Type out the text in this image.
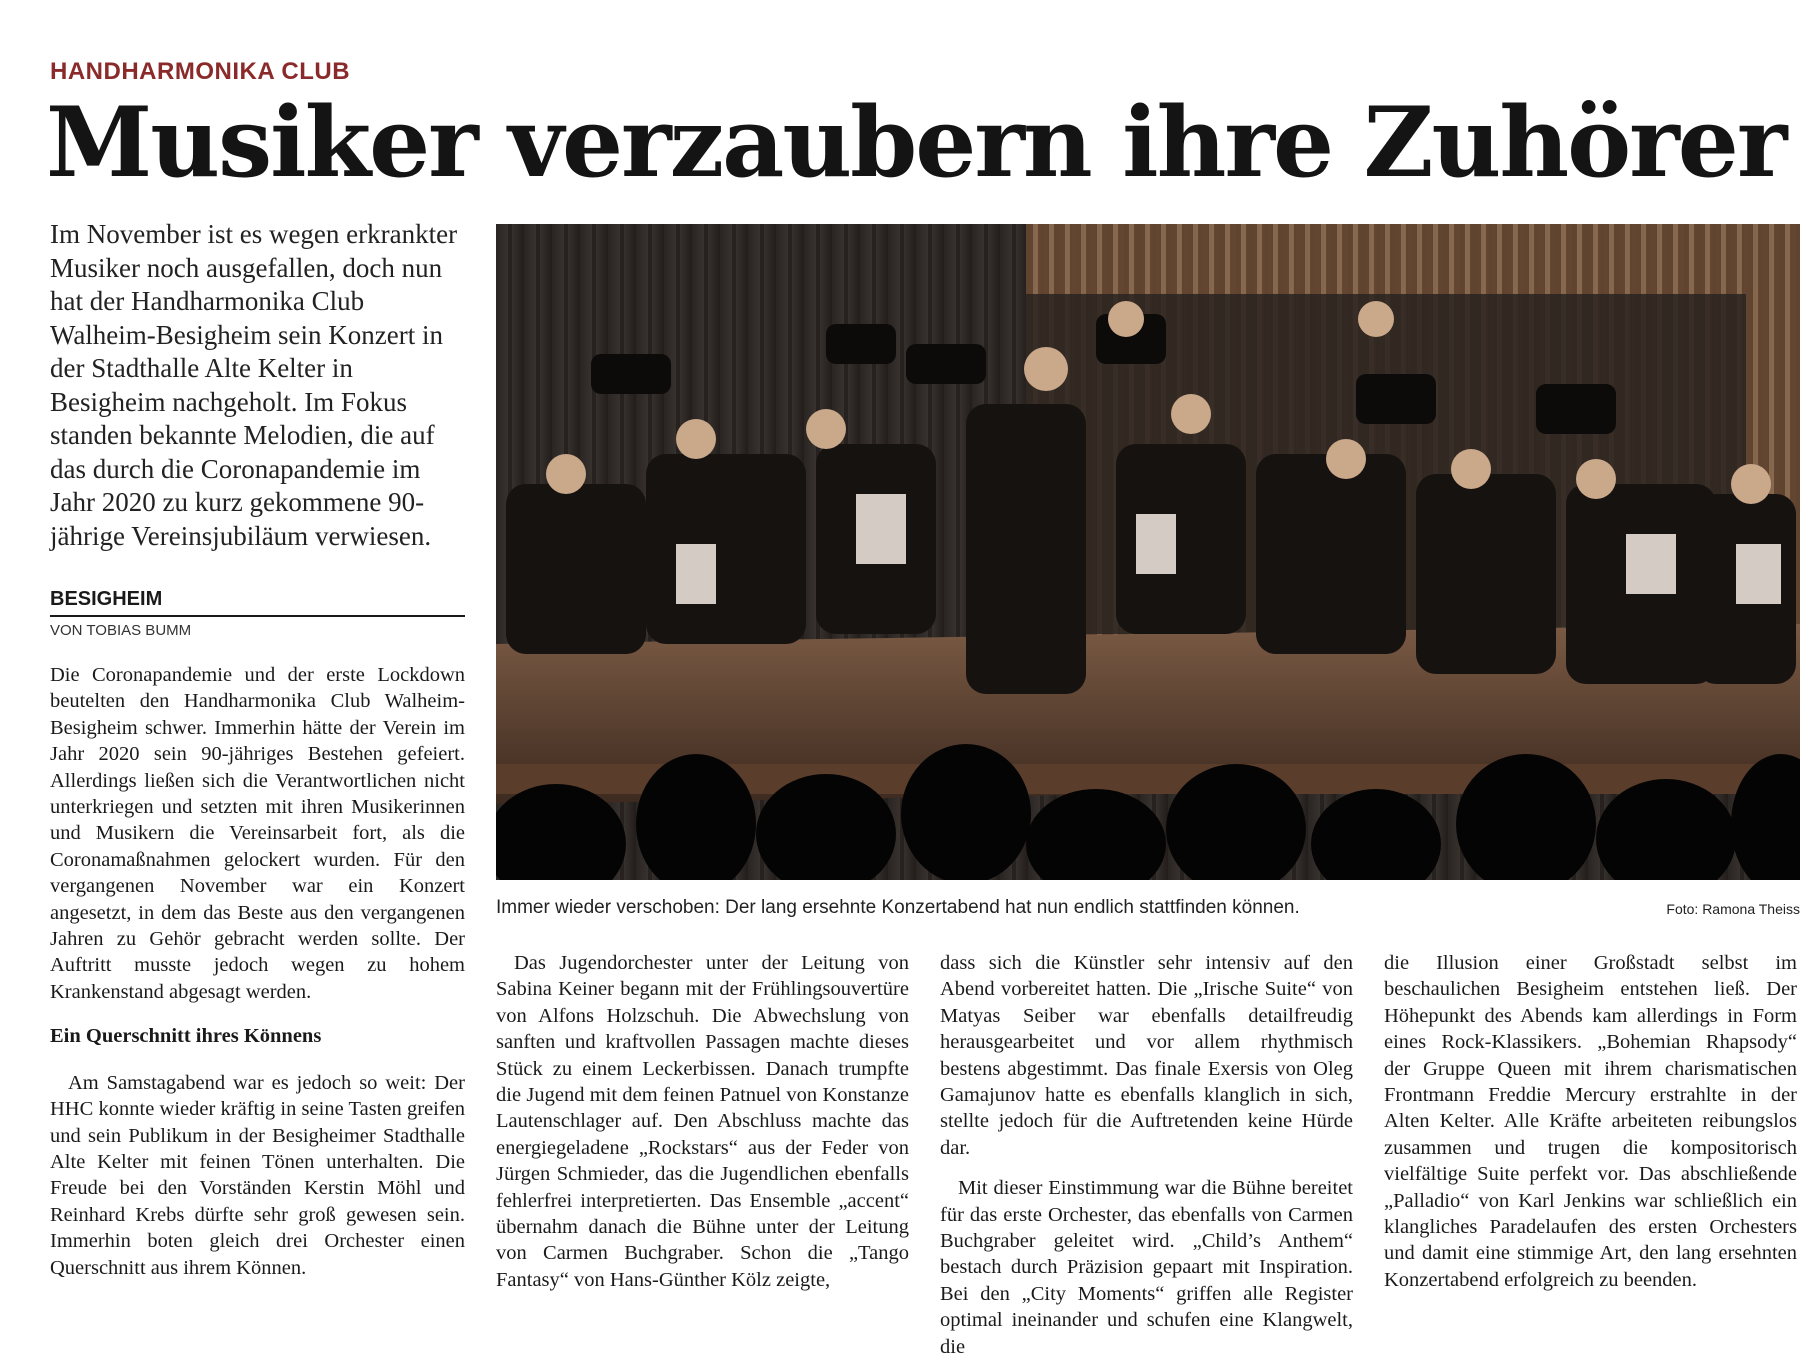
HANDHARMONIKA CLUB
Musiker verzaubern ihre Zuhörer

Im November ist es wegen erkrankter Musiker noch ausgefallen, doch nun hat der Handharmonika Club Walheim-Besigheim sein Konzert in der Stadthalle Alte Kelter in Besigheim nachgeholt. Im Fokus standen bekannte Melodien, die auf das durch die Coronapandemie im Jahr 2020 zu kurz gekommene 90-jährige Vereinsjubiläum verwiesen.

BESIGHEIM
VON TOBIAS BUMM

Die Coronapandemie und der erste Lockdown beutelten den Handharmonika Club Walheim-Besigheim schwer. Immerhin hätte der Verein im Jahr 2020 sein 90-jähriges Bestehen gefeiert. Allerdings ließen sich die Verantwortlichen nicht unterkriegen und setzten mit ihren Musikerinnen und Musikern die Vereinsarbeit fort, als die Coronamaßnahmen gelockert wurden. Für den vergangenen November war ein Konzert angesetzt, in dem das Beste aus den vergangenen Jahren zu Gehör gebracht werden sollte. Der Auftritt musste jedoch wegen zu hohem Krankenstand abgesagt werden.

Ein Querschnitt ihres Könnens

Am Samstagabend war es jedoch so weit: Der HHC konnte wieder kräftig in seine Tasten greifen und sein Publikum in der Besigheimer Stadthalle Alte Kelter mit feinen Tönen unterhalten. Die Freude bei den Vorständen Kerstin Möhl und Reinhard Krebs dürfte sehr groß gewesen sein. Immerhin boten gleich drei Orchester einen Querschnitt aus ihrem Können.

Immer wieder verschoben: Der lang ersehnte Konzertabend hat nun endlich stattfinden können.	Foto: Ramona Theiss

Das Jugendorchester unter der Leitung von Sabina Keiner begann mit der Frühlingsouvertüre von Alfons Holzschuh. Die Abwechslung von sanften und kraftvollen Passagen machte dieses Stück zu einem Leckerbissen. Danach trumpfte die Jugend mit dem feinen Patnuel von Konstanze Lautenschlager auf. Den Abschluss machte das energiegeladene „Rockstars“ aus der Feder von Jürgen Schmieder, das die Jugendlichen ebenfalls fehlerfrei interpretierten. Das Ensemble „accent“ übernahm danach die Bühne unter der Leitung von Carmen Buchgraber. Schon die „Tango Fantasy“ von Hans-Günther Kölz zeigte,

dass sich die Künstler sehr intensiv auf den Abend vorbereitet hatten. Die „Irische Suite“ von Matyas Seiber war ebenfalls detailfreudig herausgearbeitet und vor allem rhythmisch bestens abgestimmt. Das finale Exersis von Oleg Gamajunov hatte es ebenfalls klanglich in sich, stellte jedoch für die Auftretenden keine Hürde dar.

Mit dieser Einstimmung war die Bühne bereitet für das erste Orchester, das ebenfalls von Carmen Buchgraber geleitet wird. „Child’s Anthem“ bestach durch Präzision gepaart mit Inspiration. Bei den „City Moments“ griffen alle Register optimal ineinander und schufen eine Klangwelt, die

die Illusion einer Großstadt selbst im beschaulichen Besigheim entstehen ließ. Der Höhepunkt des Abends kam allerdings in Form eines Rock-Klassikers. „Bohemian Rhapsody“ der Gruppe Queen mit ihrem charismatischen Frontmann Freddie Mercury erstrahlte in der Alten Kelter. Alle Kräfte arbeiteten reibungslos zusammen und trugen die kompositorisch vielfältige Suite perfekt vor. Das abschließende „Palladio“ von Karl Jenkins war schließlich ein klangliches Paradelaufen des ersten Orchesters und damit eine stimmige Art, den lang ersehnten Konzertabend erfolgreich zu beenden.
